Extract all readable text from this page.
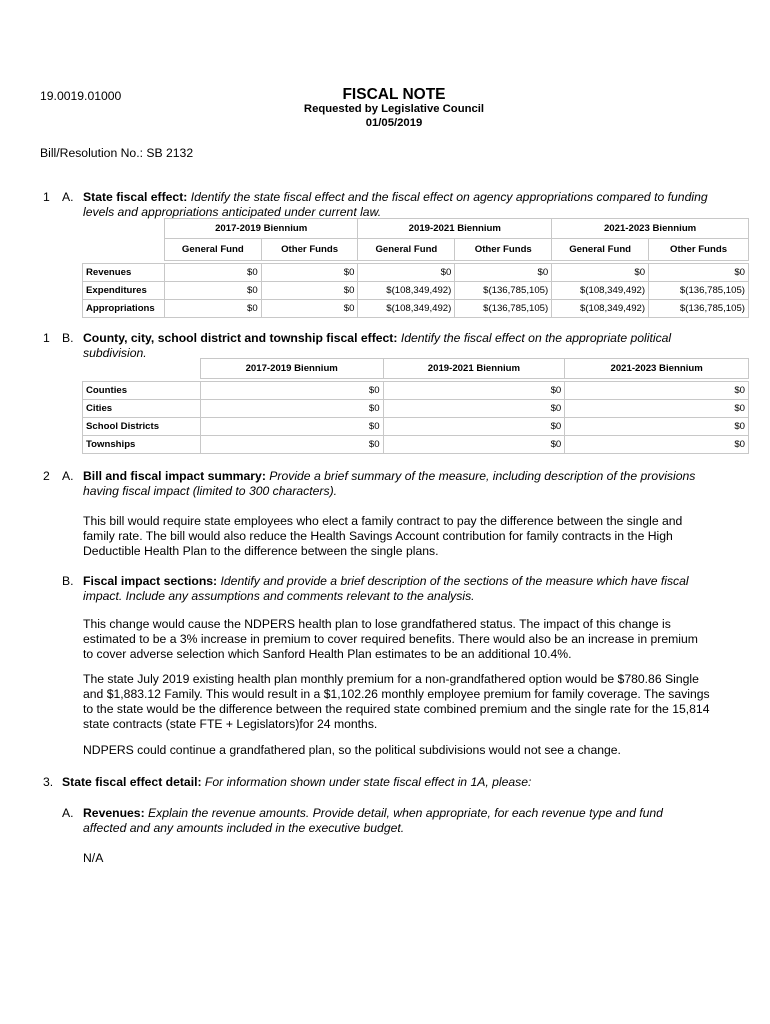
19.0019.01000	FISCAL NOTE
Requested by Legislative Council
01/05/2019
Bill/Resolution No.: SB 2132
1 A. State fiscal effect: Identify the state fiscal effect and the fiscal effect on agency appropriations compared to funding

levels and appropriations anticipated under current law.

	2017-2019 Biennium		2019-2021 Biennium		2021-2023 Biennium	
	General Fund	Other Funds	General Fund	Other Funds	General Fund	Other Funds

Revenues	$0	$0	$0	$0	$0	$0
Expenditures	$0	$0	$(108,349,492)	$(136,785,105)	$(108,349,492)	$(136,785,105)
Appropriations	$0	$0	$(108,349,492)	$(136,785,105)	$(108,349,492)	$(136,785,105)
1 B. County, city, school district and township fiscal effect: Identify the fiscal effect on the appropriate political

subdivision.

	2017-2019 Biennium	2019-2021 Biennium	2021-2023 Biennium

Counties	$0	$0	$0
Cities	$0	$0	$0
School Districts	$0	$0	$0
Townships	$0	$0	$0
2 A. Bill and fiscal impact summary: Provide a brief summary of the measure, including description of the provisions

having fiscal impact (limited to 300 characters).

This bill would require state employees who elect a family contract to pay the difference between the single and

family rate. The bill would also reduce the Health Savings Account contribution for family contracts in the High

Deductible Health Plan to the difference between the single plans.

B. Fiscal impact sections: Identify and provide a brief description of the sections of the measure which have fiscal

impact. Include any assumptions and comments relevant to the analysis.

This change would cause the NDPERS health plan to lose grandfathered status. The impact of this change is

estimated to be a 3% increase in premium to cover required benefits. There would also be an increase in premium

to cover adverse selection which Sanford Health Plan estimates to be an additional 10.4%.

The state July 2019 existing health plan monthly premium for a non-grandfathered option would be $780.86 Single

and $1,883.12 Family. This would result in a $1,102.26 monthly employee premium for family coverage. The savings

to the state would be the difference between the required state combined premium and the single rate for the 15,814

state contracts (state FTE + Legislators)for 24 months.

NDPERS could continue a grandfathered plan, so the political subdivisions would not see a change.
3. State fiscal effect detail: For information shown under state fiscal effect in 1A, please:
A. Revenues: Explain the revenue amounts. Provide detail, when appropriate, for each revenue type and fund

affected and any amounts included in the executive budget.

N/A
